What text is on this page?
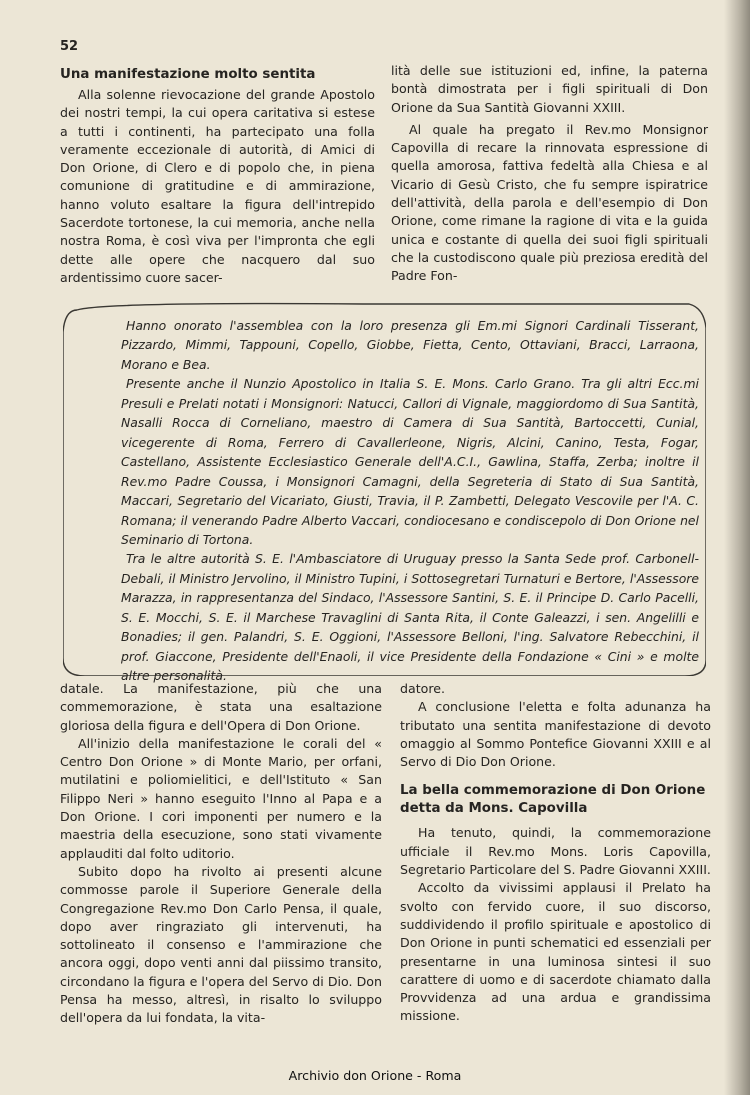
52
Una manifestazione molto sentita

Alla solenne rievocazione del grande Apostolo dei nostri tempi, la cui opera caritativa si estese a tutti i continenti, ha partecipato una folla veramente eccezionale di autorità, di Amici di Don Orione, di Clero e di popolo che, in piena comunione di gratitudine e di ammirazione, hanno voluto esaltare la figura dell'intrepido Sacerdote tortonese, la cui memoria, anche nella nostra Roma, è così viva per l'impronta che egli dette alle opere che nacquero dal suo ardentissimo cuore sacer-

lità delle sue istituzioni ed, infine, la paterna bontà dimostrata per i figli spirituali di Don Orione da Sua Santità Giovanni XXIII.

Al quale ha pregato il Rev.mo Monsignor Capovilla di recare la rinnovata espressione di quella amorosa, fattiva fedeltà alla Chiesa e al Vicario di Gesù Cristo, che fu sempre ispiratrice dell'attività, della parola e dell'esempio di Don Orione, come rimane la ragione di vita e la guida unica e costante di quella dei suoi figli spirituali che la custodiscono quale più preziosa eredità del Padre Fon-

Hanno onorato l'assemblea con la loro presenza gli Em.mi Signori Cardinali Tisserant, Pizzardo, Mimmi, Tappouni, Copello, Giobbe, Fietta, Cento, Ottaviani, Bracci, Larraona, Morano e Bea.

Presente anche il Nunzio Apostolico in Italia S. E. Mons. Carlo Grano. Tra gli altri Ecc.mi Presuli e Prelati notati i Monsignori: Natucci, Callori di Vignale, maggiordomo di Sua Santità, Nasalli Rocca di Corneliano, maestro di Camera di Sua Santità, Bartoccetti, Cunial, vicegerente di Roma, Ferrero di Cavallerleone, Nigris, Alcini, Canino, Testa, Fogar, Castellano, Assistente Ecclesiastico Generale dell'A.C.I., Gawlina, Staffa, Zerba; inoltre il Rev.mo Padre Coussa, i Monsignori Camagni, della Segreteria di Stato di Sua Santità, Maccari, Segretario del Vicariato, Giusti, Travia, il P. Zambetti, Delegato Vescovile per l'A. C. Romana; il venerando Padre Alberto Vaccari, condiocesano e condiscepolo di Don Orione nel Seminario di Tortona.

Tra le altre autorità S. E. l'Ambasciatore di Uruguay presso la Santa Sede prof. Carbonell-Debali, il Ministro Jervolino, il Ministro Tupini, i Sottosegretari Turnaturi e Bertore, l'Assessore Marazza, in rappresentanza del Sindaco, l'Assessore Santini, S. E. il Principe D. Carlo Pacelli, S. E. Mocchi, S. E. il Marchese Travaglini di Santa Rita, il Conte Galeazzi, i sen. Angelilli e Bonadies; il gen. Palandri, S. E. Oggioni, l'Assessore Belloni, l'ing. Salvatore Rebecchini, il prof. Giaccone, Presidente dell'Enaoli, il vice Presidente della Fondazione « Cini » e molte altre personalità.

datale. La manifestazione, più che una commemorazione, è stata una esaltazione gloriosa della figura e dell'Opera di Don Orione.

All'inizio della manifestazione le corali del « Centro Don Orione » di Monte Mario, per orfani, mutilatini e poliomielitici, e dell'Istituto « San Filippo Neri » hanno eseguito l'Inno al Papa e a Don Orione. I cori imponenti per numero e la maestria della esecuzione, sono stati vivamente applauditi dal folto uditorio.

Subito dopo ha rivolto ai presenti alcune commosse parole il Superiore Generale della Congregazione Rev.mo Don Carlo Pensa, il quale, dopo aver ringraziato gli intervenuti, ha sottolineato il consenso e l'ammirazione che ancora oggi, dopo venti anni dal piissimo transito, circondano la figura e l'opera del Servo di Dio. Don Pensa ha messo, altresì, in risalto lo sviluppo dell'opera da lui fondata, la vita-

datore.

A conclusione l'eletta e folta adunanza ha tributato una sentita manifestazione di devoto omaggio al Sommo Pontefice Giovanni XXIII e al Servo di Dio Don Orione.

La bella commemorazione di Don Orione detta da Mons. Capovilla

Ha tenuto, quindi, la commemorazione ufficiale il Rev.mo Mons. Loris Capovilla, Segretario Particolare del S. Padre Giovanni XXIII.

Accolto da vivissimi applausi il Prelato ha svolto con fervido cuore, il suo discorso, suddividendo il profilo spirituale e apostolico di Don Orione in punti schematici ed essenziali per presentarne in una luminosa sintesi il suo carattere di uomo e di sacerdote chiamato dalla Provvidenza ad una ardua e grandissima missione.

Archivio don Orione - Roma
